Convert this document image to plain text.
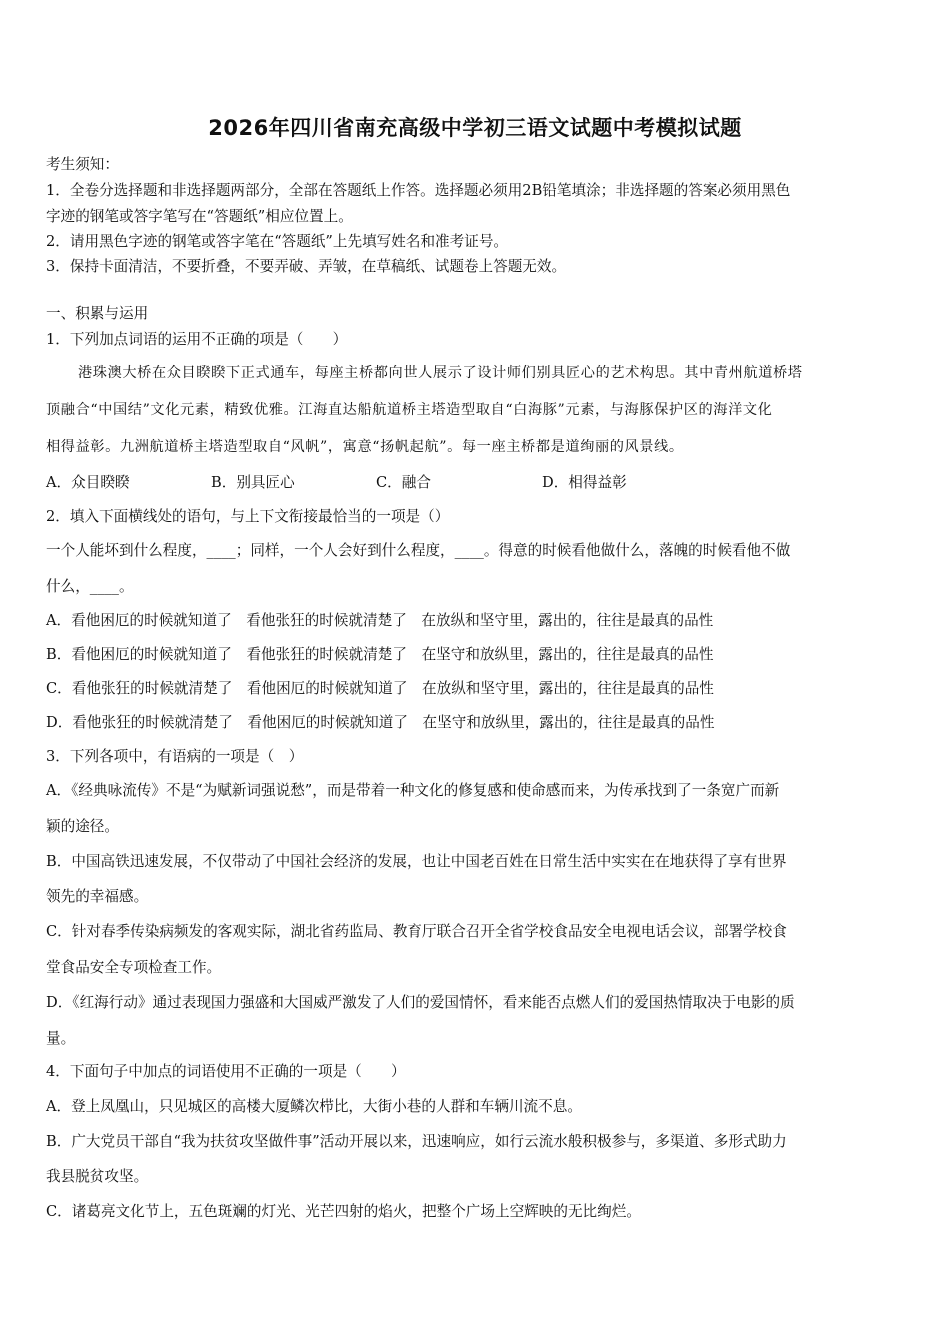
2026年四川省南充高级中学初三语文试题中考模拟试题
考生须知：
1．全卷分选择题和非选择题两部分，全部在答题纸上作答。选择题必须用2B铅笔填涂；非选择题的答案必须用黑色
字迹的钢笔或答字笔写在“答题纸”相应位置上。
2．请用黑色字迹的钢笔或答字笔在“答题纸”上先填写姓名和准考证号。
3．保持卡面清洁，不要折叠，不要弄破、弄皱，在草稿纸、试题卷上答题无效。
一、积累与运用
1．下列加点词语的运用不正确的项是（　　）
港珠澳大桥在众目睽睽下正式通车，每座主桥都向世人展示了设计师们别具匠心的艺术构思。其中青州航道桥塔
顶融合“中国结”文化元素，精致优雅。江海直达船航道桥主塔造型取自“白海豚”元素，与海豚保护区的海洋文化
相得益彰。九洲航道桥主塔造型取自“风帆”，寓意“扬帆起航”。每一座主桥都是道绚丽的风景线。
A．众目睽睽	B．别具匠心	C．融合	D．相得益彰
2．填入下面横线处的语句，与上下文衔接最恰当的一项是（）
一个人能坏到什么程度，____；同样，一个人会好到什么程度，____。得意的时候看他做什么，落魄的时候看他不做
什么，____。
A．看他困厄的时候就知道了　看他张狂的时候就清楚了　在放纵和坚守里，露出的，往往是最真的品性
B．看他困厄的时候就知道了　看他张狂的时候就清楚了　在坚守和放纵里，露出的，往往是最真的品性
C．看他张狂的时候就清楚了　看他困厄的时候就知道了　在放纵和坚守里，露出的，往往是最真的品性
D．看他张狂的时候就清楚了　看他困厄的时候就知道了　在坚守和放纵里，露出的，往往是最真的品性
3．下列各项中，有语病的一项是（　）
A．《经典咏流传》不是“为赋新词强说愁”，而是带着一种文化的修复感和使命感而来，为传承找到了一条宽广而新
颖的途径。
B．中国高铁迅速发展，不仅带动了中国社会经济的发展，也让中国老百姓在日常生活中实实在在地获得了享有世界
领先的幸福感。
C．针对春季传染病频发的客观实际，湖北省药监局、教育厅联合召开全省学校食品安全电视电话会议，部署学校食
堂食品安全专项检查工作。
D．《红海行动》通过表现国力强盛和大国威严激发了人们的爱国情怀，看来能否点燃人们的爱国热情取决于电影的质
量。
4．下面句子中加点的词语使用不正确的一项是（　　）
A．登上凤凰山，只见城区的高楼大厦鳞次栉比，大街小巷的人群和车辆川流不息。
B．广大党员干部自“我为扶贫攻坚做件事”活动开展以来，迅速响应，如行云流水般积极参与，多渠道、多形式助力
我县脱贫攻坚。
C．诸葛亮文化节上，五色斑斓的灯光、光芒四射的焰火，把整个广场上空辉映的无比绚烂。
